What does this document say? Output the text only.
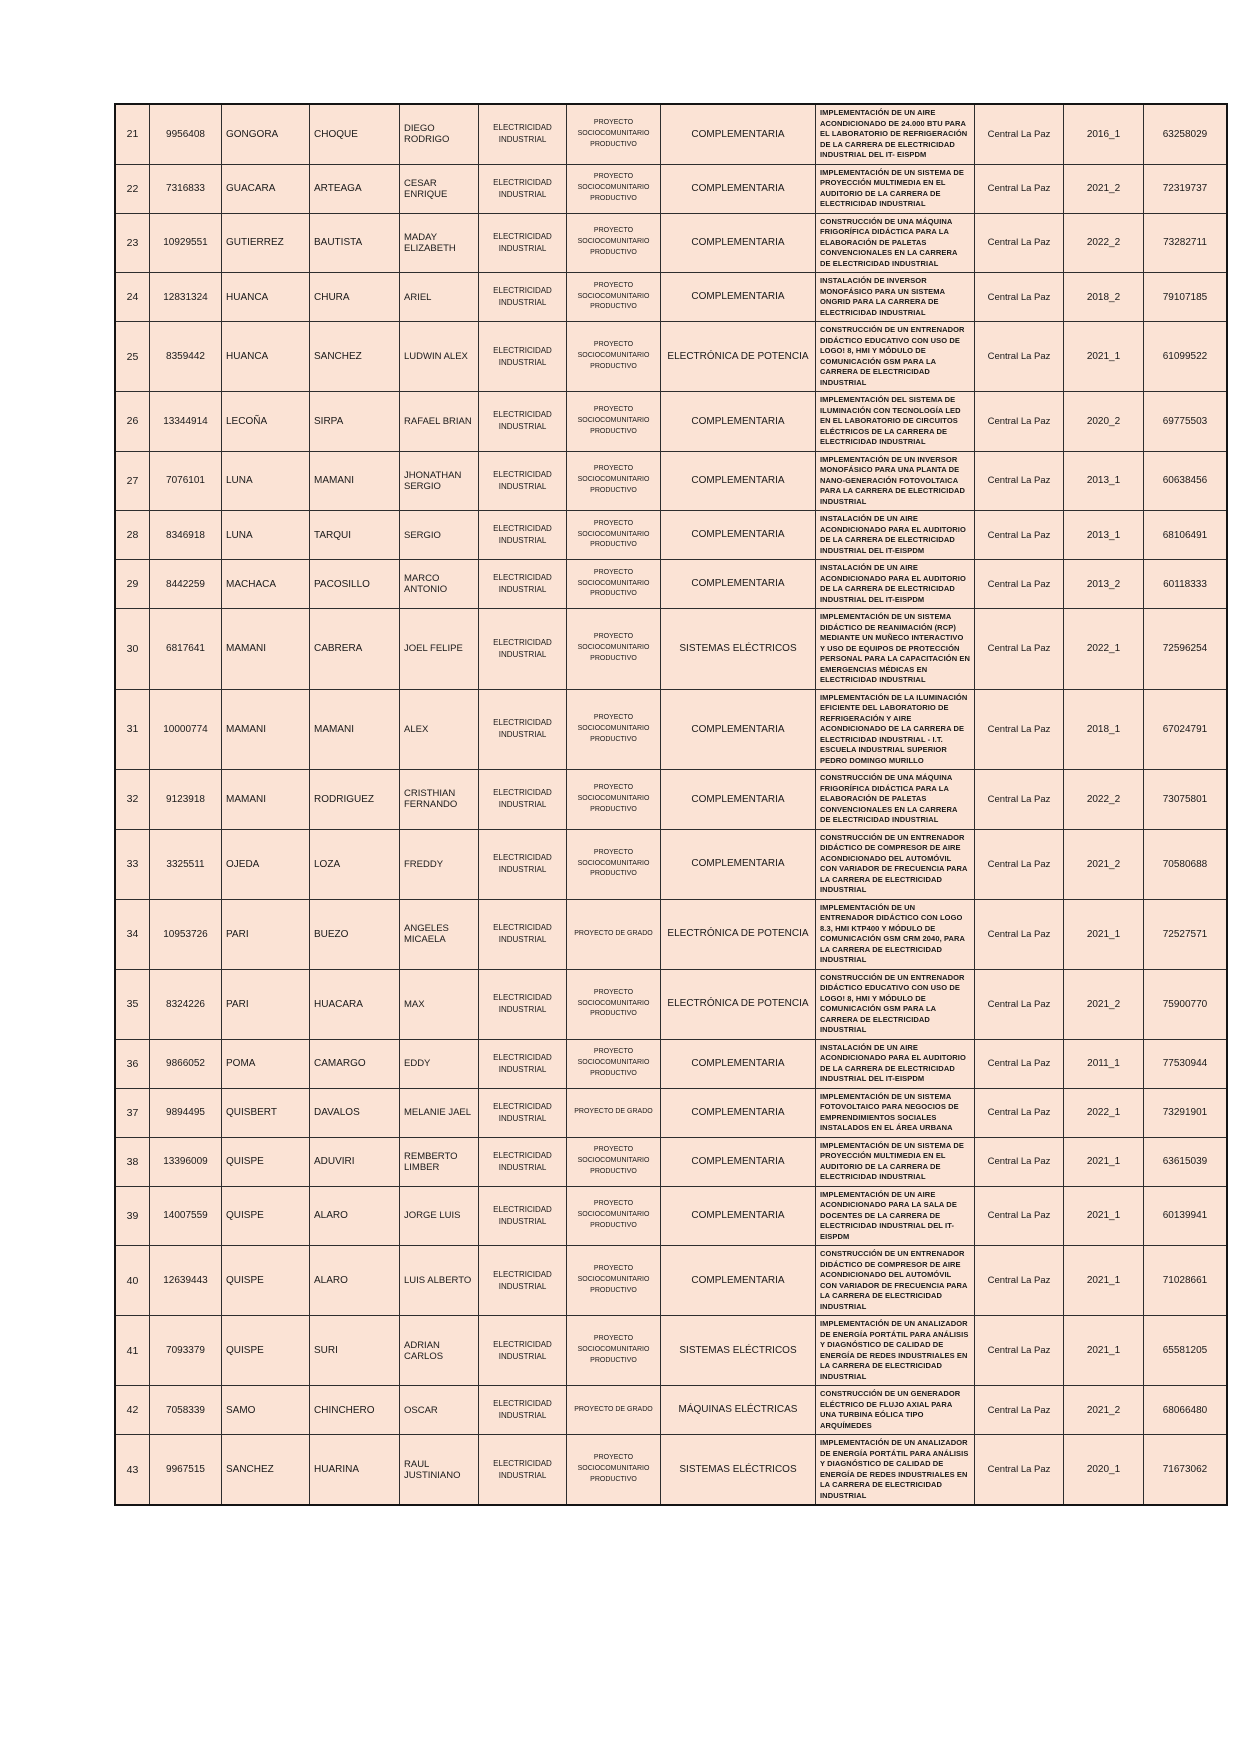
21	9956408	GONGORA	CHOQUE	DIEGO RODRIGO	ELECTRICIDAD INDUSTRIAL	PROYECTO SOCIOCOMUNITARIO PRODUCTIVO	COMPLEMENTARIA	IMPLEMENTACIÓN DE UN AIRE ACONDICIONADO DE 24.000 BTU PARA EL LABORATORIO DE REFRIGERACIÓN DE LA CARRERA DE ELECTRICIDAD INDUSTRIAL DEL IT- EISPDM	Central La Paz	2016_1	63258029
22	7316833	GUACARA	ARTEAGA	CESAR ENRIQUE	ELECTRICIDAD INDUSTRIAL	PROYECTO SOCIOCOMUNITARIO PRODUCTIVO	COMPLEMENTARIA	IMPLEMENTACIÓN DE UN SISTEMA DE PROYECCIÓN MULTIMEDIA EN EL AUDITORIO DE LA CARRERA DE ELECTRICIDAD INDUSTRIAL	Central La Paz	2021_2	72319737
23	10929551	GUTIERREZ	BAUTISTA	MADAY ELIZABETH	ELECTRICIDAD INDUSTRIAL	PROYECTO SOCIOCOMUNITARIO PRODUCTIVO	COMPLEMENTARIA	CONSTRUCCIÓN DE UNA MÁQUINA FRIGORÍFICA DIDÁCTICA PARA LA ELABORACIÓN DE PALETAS CONVENCIONALES EN LA CARRERA DE ELECTRICIDAD INDUSTRIAL	Central La Paz	2022_2	73282711
24	12831324	HUANCA	CHURA	ARIEL	ELECTRICIDAD INDUSTRIAL	PROYECTO SOCIOCOMUNITARIO PRODUCTIVO	COMPLEMENTARIA	INSTALACIÓN DE INVERSOR MONOFÁSICO PARA UN SISTEMA ONGRID PARA LA CARRERA DE ELECTRICIDAD INDUSTRIAL	Central La Paz	2018_2	79107185
25	8359442	HUANCA	SANCHEZ	LUDWIN ALEX	ELECTRICIDAD INDUSTRIAL	PROYECTO SOCIOCOMUNITARIO PRODUCTIVO	ELECTRÓNICA DE POTENCIA	CONSTRUCCIÓN DE UN ENTRENADOR DIDÁCTICO EDUCATIVO CON USO DE LOGO! 8, HMI Y MÓDULO DE COMUNICACIÓN GSM PARA LA CARRERA DE ELECTRICIDAD INDUSTRIAL	Central La Paz	2021_1	61099522
26	13344914	LECOÑA	SIRPA	RAFAEL BRIAN	ELECTRICIDAD INDUSTRIAL	PROYECTO SOCIOCOMUNITARIO PRODUCTIVO	COMPLEMENTARIA	IMPLEMENTACIÓN DEL SISTEMA DE ILUMINACIÓN CON TECNOLOGÍA LED EN EL LABORATORIO DE CIRCUITOS ELÉCTRICOS DE LA CARRERA DE ELECTRICIDAD INDUSTRIAL	Central La Paz	2020_2	69775503
27	7076101	LUNA	MAMANI	JHONATHAN SERGIO	ELECTRICIDAD INDUSTRIAL	PROYECTO SOCIOCOMUNITARIO PRODUCTIVO	COMPLEMENTARIA	IMPLEMENTACIÓN DE UN INVERSOR MONOFÁSICO PARA UNA PLANTA DE NANO-GENERACIÓN FOTOVOLTAICA PARA LA CARRERA DE ELECTRICIDAD INDUSTRIAL	Central La Paz	2013_1	60638456
28	8346918	LUNA	TARQUI	SERGIO	ELECTRICIDAD INDUSTRIAL	PROYECTO SOCIOCOMUNITARIO PRODUCTIVO	COMPLEMENTARIA	INSTALACIÓN DE UN AIRE ACONDICIONADO PARA EL AUDITORIO DE LA CARRERA DE ELECTRICIDAD INDUSTRIAL DEL IT-EISPDM	Central La Paz	2013_1	68106491
29	8442259	MACHACA	PACOSILLO	MARCO ANTONIO	ELECTRICIDAD INDUSTRIAL	PROYECTO SOCIOCOMUNITARIO PRODUCTIVO	COMPLEMENTARIA	INSTALACIÓN DE UN AIRE ACONDICIONADO PARA EL AUDITORIO DE LA CARRERA DE ELECTRICIDAD INDUSTRIAL DEL IT-EISPDM	Central La Paz	2013_2	60118333
30	6817641	MAMANI	CABRERA	JOEL FELIPE	ELECTRICIDAD INDUSTRIAL	PROYECTO SOCIOCOMUNITARIO PRODUCTIVO	SISTEMAS ELÉCTRICOS	IMPLEMENTACIÓN DE UN SISTEMA DIDÁCTICO DE REANIMACIÓN (RCP) MEDIANTE UN MUÑECO INTERACTIVO Y USO DE EQUIPOS DE PROTECCIÓN PERSONAL PARA LA CAPACITACIÓN EN EMERGENCIAS MÉDICAS EN ELECTRICIDAD INDUSTRIAL	Central La Paz	2022_1	72596254
31	10000774	MAMANI	MAMANI	ALEX	ELECTRICIDAD INDUSTRIAL	PROYECTO SOCIOCOMUNITARIO PRODUCTIVO	COMPLEMENTARIA	IMPLEMENTACIÓN DE LA ILUMINACIÓN EFICIENTE DEL LABORATORIO DE REFRIGERACIÓN Y AIRE ACONDICIONADO DE LA CARRERA DE ELECTRICIDAD INDUSTRIAL - I.T. ESCUELA INDUSTRIAL SUPERIOR PEDRO DOMINGO MURILLO	Central La Paz	2018_1	67024791
32	9123918	MAMANI	RODRIGUEZ	CRISTHIAN FERNANDO	ELECTRICIDAD INDUSTRIAL	PROYECTO SOCIOCOMUNITARIO PRODUCTIVO	COMPLEMENTARIA	CONSTRUCCIÓN DE UNA MÁQUINA FRIGORÍFICA DIDÁCTICA PARA LA ELABORACIÓN DE PALETAS CONVENCIONALES EN LA CARRERA DE ELECTRICIDAD INDUSTRIAL	Central La Paz	2022_2	73075801
33	3325511	OJEDA	LOZA	FREDDY	ELECTRICIDAD INDUSTRIAL	PROYECTO SOCIOCOMUNITARIO PRODUCTIVO	COMPLEMENTARIA	CONSTRUCCIÓN DE UN ENTRENADOR DIDÁCTICO DE COMPRESOR DE AIRE ACONDICIONADO DEL AUTOMÓVIL CON VARIADOR DE FRECUENCIA PARA LA CARRERA DE ELECTRICIDAD INDUSTRIAL	Central La Paz	2021_2	70580688
34	10953726	PARI	BUEZO	ANGELES MICAELA	ELECTRICIDAD INDUSTRIAL	PROYECTO DE GRADO	ELECTRÓNICA DE POTENCIA	IMPLEMENTACIÓN DE UN ENTRENADOR DIDÁCTICO CON LOGO 8.3, HMI KTP400 Y MÓDULO DE COMUNICACIÓN GSM CRM 2040, PARA LA CARRERA DE ELECTRICIDAD INDUSTRIAL	Central La Paz	2021_1	72527571
35	8324226	PARI	HUACARA	MAX	ELECTRICIDAD INDUSTRIAL	PROYECTO SOCIOCOMUNITARIO PRODUCTIVO	ELECTRÓNICA DE POTENCIA	CONSTRUCCIÓN DE UN ENTRENADOR DIDÁCTICO EDUCATIVO CON USO DE LOGO! 8, HMI Y MÓDULO DE COMUNICACIÓN GSM PARA LA CARRERA DE ELECTRICIDAD INDUSTRIAL	Central La Paz	2021_2	75900770
36	9866052	POMA	CAMARGO	EDDY	ELECTRICIDAD INDUSTRIAL	PROYECTO SOCIOCOMUNITARIO PRODUCTIVO	COMPLEMENTARIA	INSTALACIÓN DE UN AIRE ACONDICIONADO PARA EL AUDITORIO DE LA CARRERA DE ELECTRICIDAD INDUSTRIAL DEL IT-EISPDM	Central La Paz	2011_1	77530944
37	9894495	QUISBERT	DAVALOS	MELANIE JAEL	ELECTRICIDAD INDUSTRIAL	PROYECTO DE GRADO	COMPLEMENTARIA	IMPLEMENTACIÓN DE UN SISTEMA FOTOVOLTAICO PARA NEGOCIOS DE EMPRENDIMIENTOS SOCIALES INSTALADOS EN EL ÁREA URBANA	Central La Paz	2022_1	73291901
38	13396009	QUISPE	ADUVIRI	REMBERTO LIMBER	ELECTRICIDAD INDUSTRIAL	PROYECTO SOCIOCOMUNITARIO PRODUCTIVO	COMPLEMENTARIA	IMPLEMENTACIÓN DE UN SISTEMA DE PROYECCIÓN MULTIMEDIA EN EL AUDITORIO DE LA CARRERA DE ELECTRICIDAD INDUSTRIAL	Central La Paz	2021_1	63615039
39	14007559	QUISPE	ALARO	JORGE LUIS	ELECTRICIDAD INDUSTRIAL	PROYECTO SOCIOCOMUNITARIO PRODUCTIVO	COMPLEMENTARIA	IMPLEMENTACIÓN DE UN AIRE ACONDICIONADO PARA LA SALA DE DOCENTES DE LA CARRERA DE ELECTRICIDAD INDUSTRIAL DEL IT- EISPDM	Central La Paz	2021_1	60139941
40	12639443	QUISPE	ALARO	LUIS ALBERTO	ELECTRICIDAD INDUSTRIAL	PROYECTO SOCIOCOMUNITARIO PRODUCTIVO	COMPLEMENTARIA	CONSTRUCCIÓN DE UN ENTRENADOR DIDÁCTICO DE COMPRESOR DE AIRE ACONDICIONADO DEL AUTOMÓVIL CON VARIADOR DE FRECUENCIA PARA LA CARRERA DE ELECTRICIDAD INDUSTRIAL	Central La Paz	2021_1	71028661
41	7093379	QUISPE	SURI	ADRIAN CARLOS	ELECTRICIDAD INDUSTRIAL	PROYECTO SOCIOCOMUNITARIO PRODUCTIVO	SISTEMAS ELÉCTRICOS	IMPLEMENTACIÓN DE UN ANALIZADOR DE ENERGÍA PORTÁTIL PARA ANÁLISIS Y DIAGNÓSTICO DE CALIDAD DE ENERGÍA DE REDES INDUSTRIALES EN LA CARRERA DE ELECTRICIDAD INDUSTRIAL	Central La Paz	2021_1	65581205
42	7058339	SAMO	CHINCHERO	OSCAR	ELECTRICIDAD INDUSTRIAL	PROYECTO DE GRADO	MÁQUINAS ELÉCTRICAS	CONSTRUCCIÓN DE UN GENERADOR ELÉCTRICO DE FLUJO AXIAL PARA UNA TURBINA EÓLICA TIPO ARQUÍMEDES	Central La Paz	2021_2	68066480
43	9967515	SANCHEZ	HUARINA	RAUL JUSTINIANO	ELECTRICIDAD INDUSTRIAL	PROYECTO SOCIOCOMUNITARIO PRODUCTIVO	SISTEMAS ELÉCTRICOS	IMPLEMENTACIÓN DE UN ANALIZADOR DE ENERGÍA PORTÁTIL PARA ANÁLISIS Y DIAGNÓSTICO DE CALIDAD DE ENERGÍA DE REDES INDUSTRIALES EN LA CARRERA DE ELECTRICIDAD INDUSTRIAL	Central La Paz	2020_1	71673062
